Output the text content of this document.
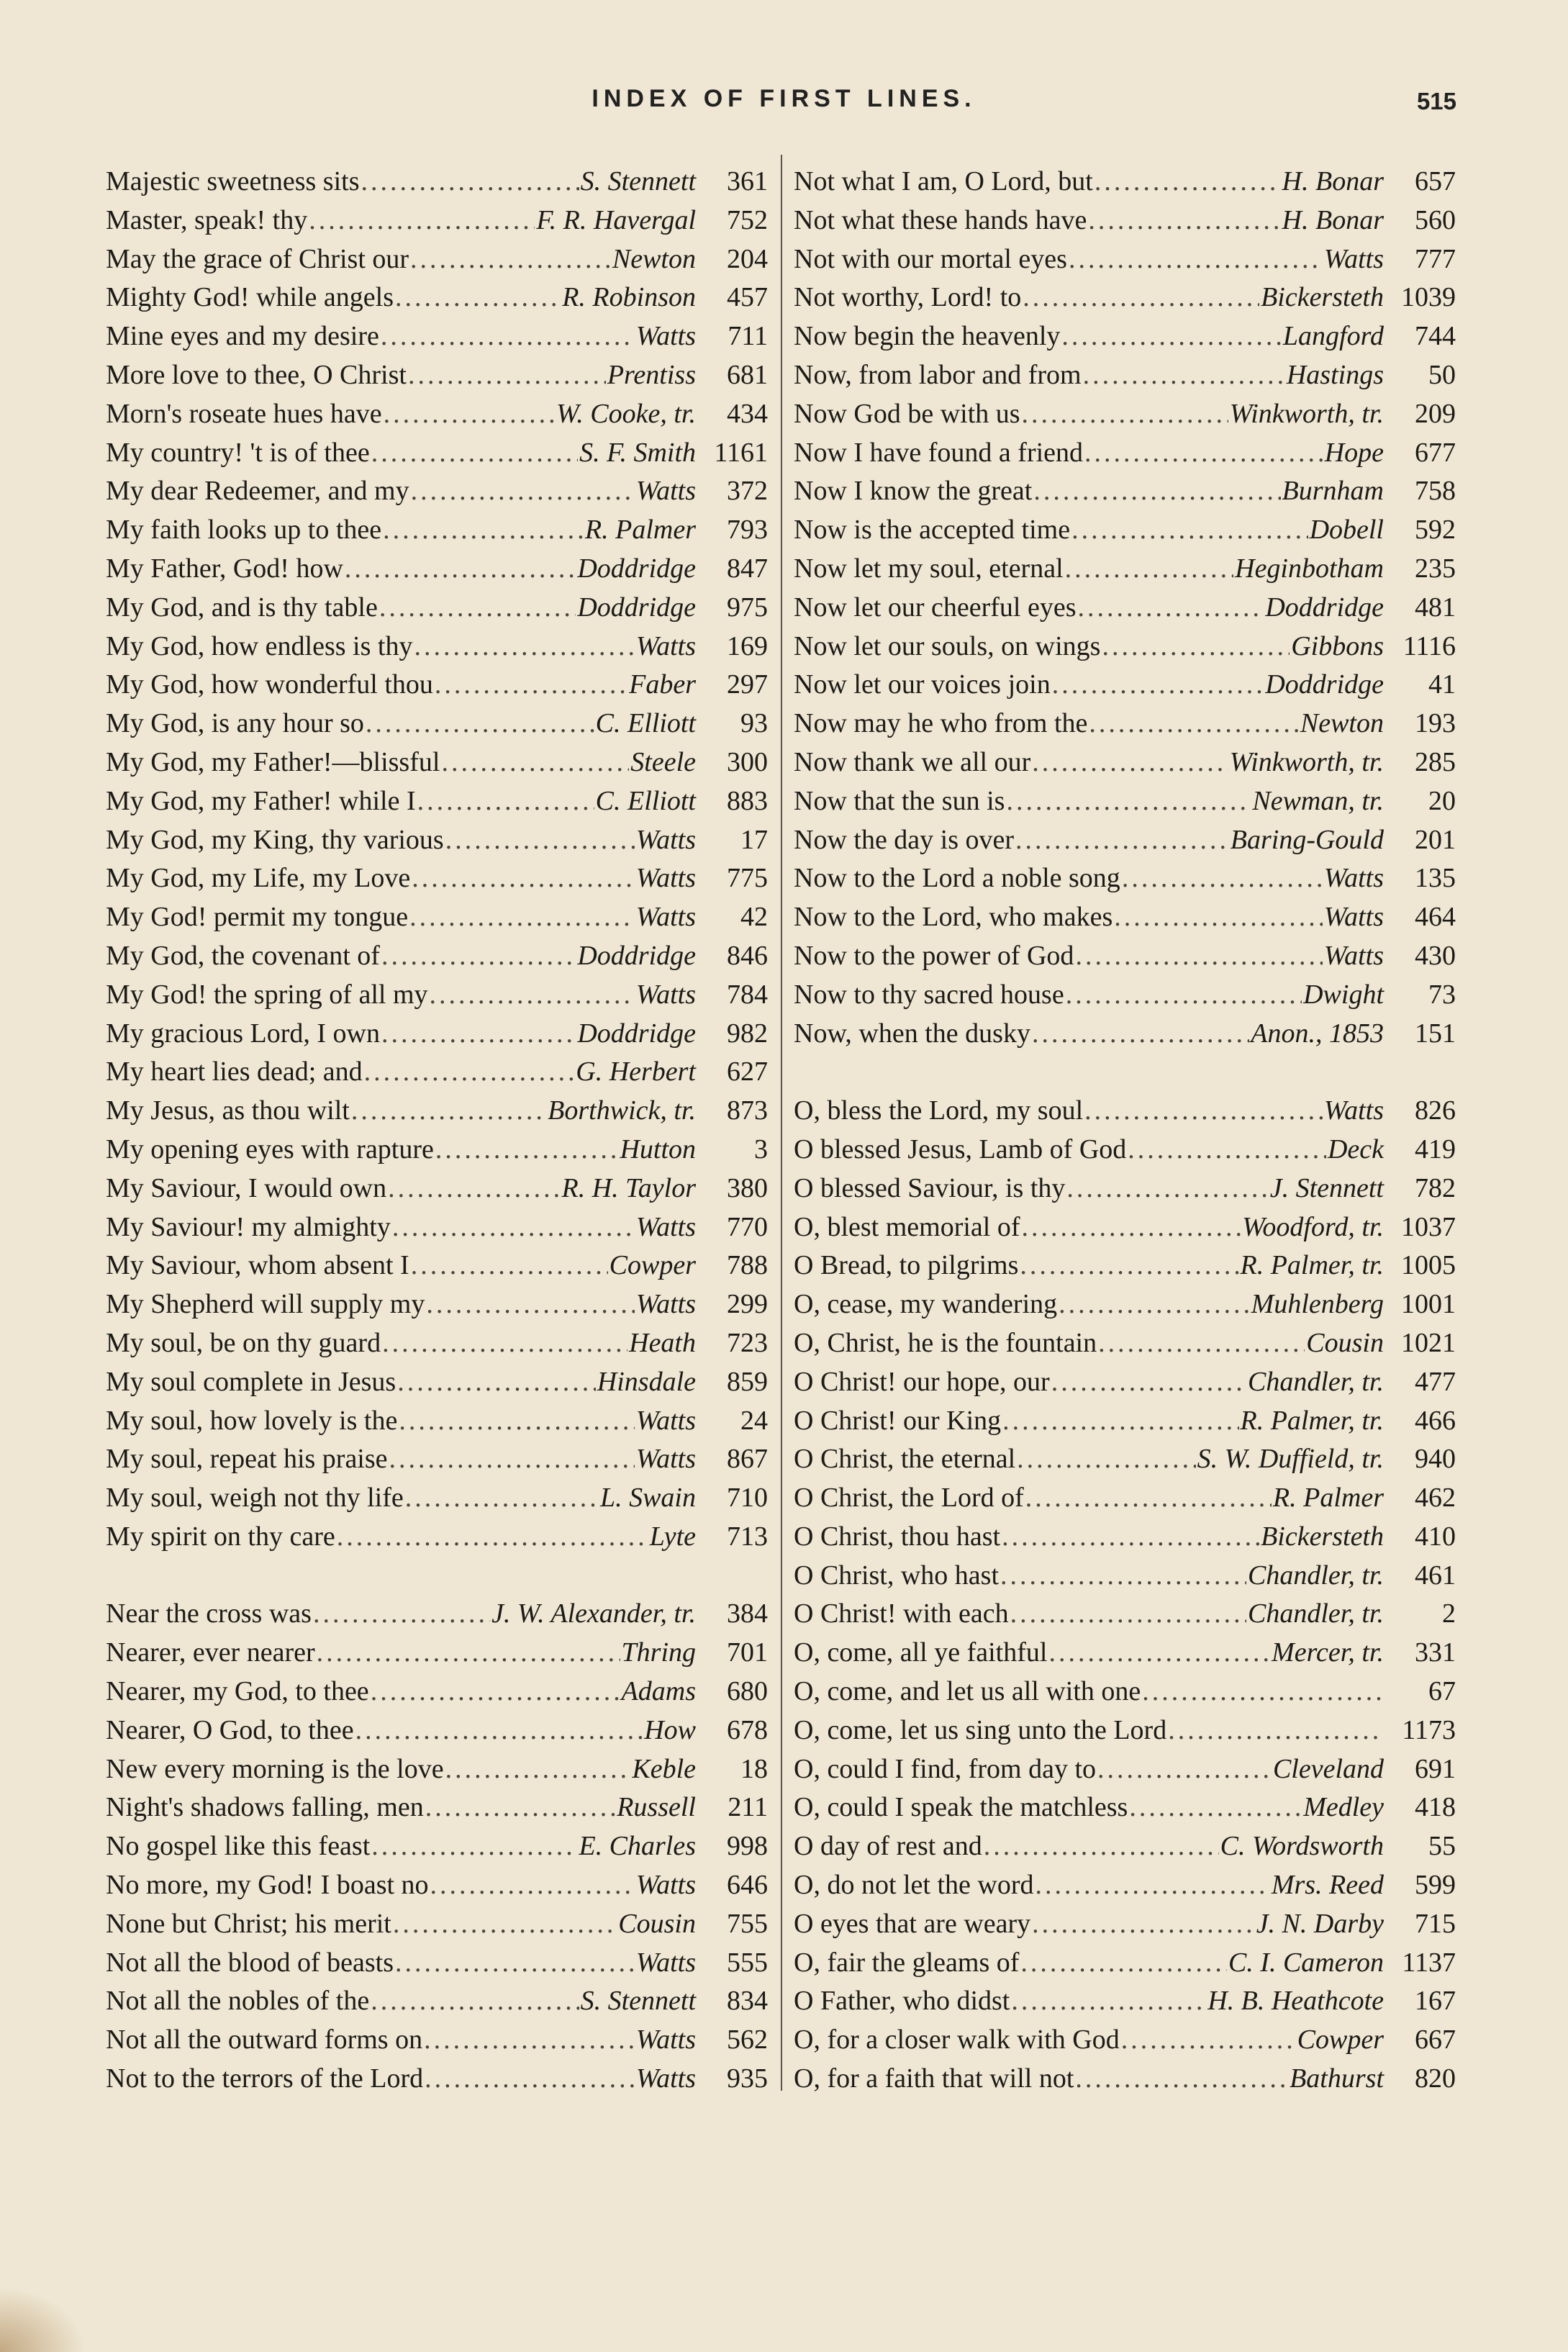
INDEX OF FIRST LINES.	515
Majestic sweetness sits .....	S. Stennett	361
Master, speak! thy .....	F. R. Havergal	752
May the grace of Christ our .....	Newton	204
Mighty God! while angels .....	R. Robinson	457
Mine eyes and my desire .....	Watts	711
More love to thee, O Christ .....	Prentiss	681
Morn's roseate hues have .....	W. Cooke, tr.	434
My country! 't is of thee .....	S. F. Smith 1161
My dear Redeemer, and my .....	Watts	372
My faith looks up to thee .....	R. Palmer	793
My Father, God! how .....	Doddridge	847
My God, and is thy table .....	Doddridge	975
My God, how endless is thy .....	Watts	169
My God, how wonderful thou .....	Faber	297
My God, is any hour so .....	C. Elliott	93
My God, my Father!—blissful .....	Steele	300
My God, my Father! while I .....	C. Elliott	883
My God, my King, thy various .....	Watts	17
My God, my Life, my Love .....	Watts	775
My God! permit my tongue .....	Watts	42
My God, the covenant of .....	Doddridge	846
My God! the spring of all my .....	Watts	784
My gracious Lord, I own .....	Doddridge	982
My heart lies dead; and .....	G. Herbert	627
My Jesus, as thou wilt .....	Borthwick, tr.	873
My opening eyes with rapture .....	Hutton	3
My Saviour, I would own .....	R. H. Taylor	380
My Saviour! my almighty .....	Watts	770
My Saviour, whom absent I .....	Cowper	788
My Shepherd will supply my .....	Watts	299
My soul, be on thy guard .....	Heath	723
My soul complete in Jesus .....	Hinsdale	859
My soul, how lovely is the .....	Watts	24
My soul, repeat his praise .....	Watts	867
My soul, weigh not thy life .....	L. Swain	710
My spirit on thy care .....	Lyte	713
Near the cross was .....	J. W. Alexander, tr.	384
Nearer, ever nearer .....	Thring	701
Nearer, my God, to thee .....	Adams	680
Nearer, O God, to thee .....	How	678
New every morning is the love .....	Keble	18
Night's shadows falling, men .....	Russell	211
No gospel like this feast .....	E. Charles	998
No more, my God! I boast no .....	Watts	646
None but Christ; his merit .....	Cousin	755
Not all the blood of beasts .....	Watts	555
Not all the nobles of the .....	S. Stennett	834
Not all the outward forms on .....	Watts	562
Not to the terrors of the Lord .....	Watts	935
Not what I am, O Lord, but .....	H. Bonar	657
Not what these hands have .....	H. Bonar	560
Not with our mortal eyes .....	Watts	777
Not worthy, Lord! to .....	Bickersteth 1039
Now begin the heavenly .....	Langford	744
Now, from labor and from .....	Hastings	50
Now God be with us .....	Winkworth, tr.	209
Now I have found a friend .....	Hope	677
Now I know the great .....	Burnham	758
Now is the accepted time .....	Dobell	592
Now let my soul, eternal .....	Heginbotham	235
Now let our cheerful eyes .....	Doddridge	481
Now let our souls, on wings .....	Gibbons 1116
Now let our voices join .....	Doddridge	41
Now may he who from the .....	Newton	193
Now thank we all our .....	Winkworth, tr.	285
Now that the sun is .....	Newman, tr.	20
Now the day is over .....	Baring-Gould	201
Now to the Lord a noble song .....	Watts	135
Now to the Lord, who makes .....	Watts	464
Now to the power of God .....	Watts	430
Now to thy sacred house .....	Dwight	73
Now, when the dusky .....	Anon., 1853	151
O, bless the Lord, my soul .....	Watts	826
O blessed Jesus, Lamb of God .....	Deck	419
O blessed Saviour, is thy .....	J. Stennett	782
O, blest memorial of .....	Woodford, tr. 1037
O Bread, to pilgrims .....	R. Palmer, tr. 1005
O, cease, my wandering .....	Muhlenberg 1001
O, Christ, he is the fountain .....	Cousin 1021
O Christ! our hope, our .....	Chandler, tr.	477
O Christ! our King .....	R. Palmer, tr.	466
O Christ, the eternal .....	S. W. Duffield, tr.	940
O Christ, the Lord of .....	R. Palmer	462
O Christ, thou hast .....	Bickersteth	410
O Christ, who hast .....	Chandler, tr.	461
O Christ! with each .....	Chandler, tr.	2
O, come, all ye faithful .....	Mercer, tr.	331
O, come, and let us all with one .....	67
O, come, let us sing unto the Lord .....	1173
O, could I find, from day to .....	Cleveland	691
O, could I speak the matchless .....	Medley	418
O day of rest and .....	C. Wordsworth	55
O, do not let the word .....	Mrs. Reed	599
O eyes that are weary .....	J. N. Darby	715
O, fair the gleams of .....	C. I. Cameron 1137
O Father, who didst .....	H. B. Heathcote	167
O, for a closer walk with God .....	Cowper	667
O, for a faith that will not .....	Bathurst	820
